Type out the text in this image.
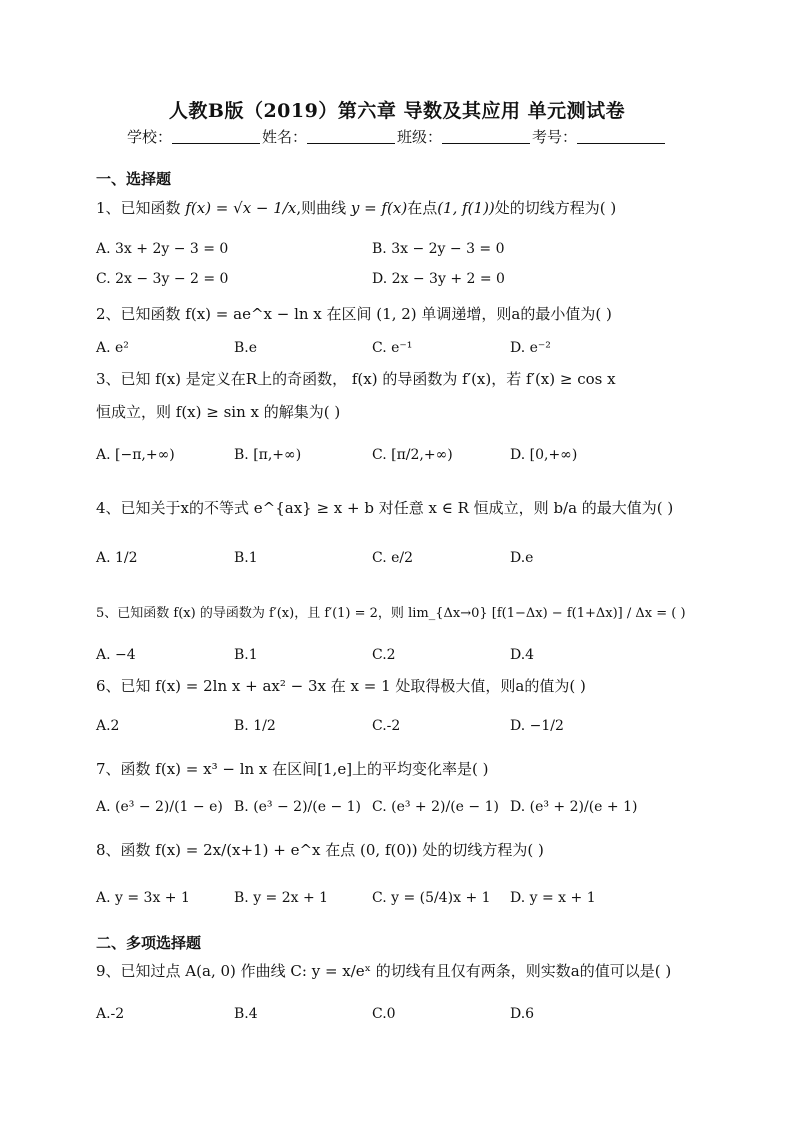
人教B版（2019）第六章 导数及其应用 单元测试卷
学校：	姓名：	班级：	考号：
一、选择题
1、已知函数 f(x) = √x − 1/x,则曲线 y = f(x)在点(1, f(1))处的切线方程为( )
A. 3x + 2y − 3 = 0	B. 3x − 2y − 3 = 0
C. 2x − 3y − 2 = 0	D. 2x − 3y + 2 = 0
2、已知函数 f(x) = ae^x − ln x 在区间 (1, 2) 单调递增，则a的最小值为( )
A. e²	B.e	C. e⁻¹	D. e⁻²
3、已知 f(x) 是定义在R上的奇函数， f(x) 的导函数为 f′(x)，若 f′(x) ≥ cos x
恒成立，则 f(x) ≥ sin x 的解集为( )
A. [−π,+∞)	B. [π,+∞)	C. [π/2,+∞)	D. [0,+∞)
4、已知关于x的不等式 e^{ax} ≥ x + b 对任意 x ∈ R 恒成立，则 b/a 的最大值为( )
A. 1/2	B.1	C. e/2	D.e
5、已知函数 f(x) 的导函数为 f′(x)，且 f′(1) = 2，则 lim_{Δx→0} [f(1−Δx) − f(1+Δx)] / Δx = ( )
A. −4	B.1	C.2	D.4
6、已知 f(x) = 2ln x + ax² − 3x 在 x = 1 处取得极大值，则a的值为( )
A.2	B. 1/2	C.-2	D. −1/2
7、函数 f(x) = x³ − ln x 在区间[1,e]上的平均变化率是( )
A. (e³ − 2)/(1 − e) B. (e³ − 2)/(e − 1) C. (e³ + 2)/(e − 1) D. (e³ + 2)/(e + 1)
8、函数 f(x) = 2x/(x+1) + e^x 在点 (0, f(0)) 处的切线方程为( )
A. y = 3x + 1	B. y = 2x + 1	C. y = (5/4)x + 1 D. y = x + 1
二、多项选择题
9、已知过点 A(a, 0) 作曲线 C: y = x/eˣ 的切线有且仅有两条，则实数a的值可以是( )
A.-2	B.4	C.0	D.6
